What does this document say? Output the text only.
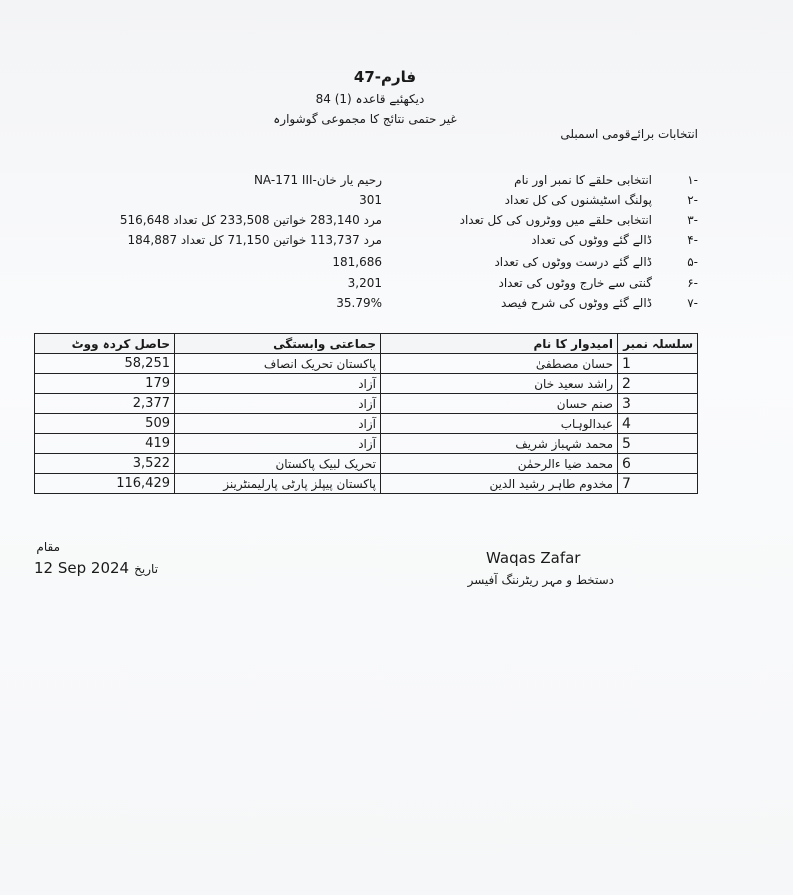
فارم-47
دیکھئیے قاعدہ (1) 84
غیر حتمی نتائج کا مجموعی گوشوارہ
انتخابات برائےقومی اسمبلی
-۱
انتخابی حلقے کا نمبر اور نام
رحیم یار خان-NA-171 III
-۲
پولنگ اسٹیشنوں کی کل تعداد
301
-۳
انتخابی حلقے میں ووٹروں کی کل تعداد
مرد 283,140 خواتین 233,508 کل تعداد 516,648
-۴
ڈالے گئے ووٹوں کی تعداد
مرد 113,737 خواتین 71,150 کل تعداد 184,887
-۵
ڈالے گئے درست ووٹوں کی تعداد
181,686
-۶
گنتی سے خارج ووٹوں کی تعداد
3,201
-۷
ڈالے گئے ووٹوں کی شرح فیصد
35.79%
حاصل کردہ ووٹ	جماعتی وابستگی	امیدوار کا نام	سلسلہ نمبر
58,251	پاکستان تحریک انصاف	حسان مصطفیٰ	1
179	آزاد	راشد سعید خان	2
2,377	آزاد	صنم حسان	3
509	آزاد	عبدالوہاب	4
419	آزاد	محمد شہباز شریف	5
3,522	تحریک لبیک پاکستان	محمد ضیا ءالرحمٰن	6
116,429	پاکستان پیپلز پارٹی پارلیمنٹرینز	مخدوم طاہر رشید الدین	7
مقام
12 Sep 2024 تاریخ
Waqas Zafar
دستخط و مہر ریٹرننگ آفیسر
